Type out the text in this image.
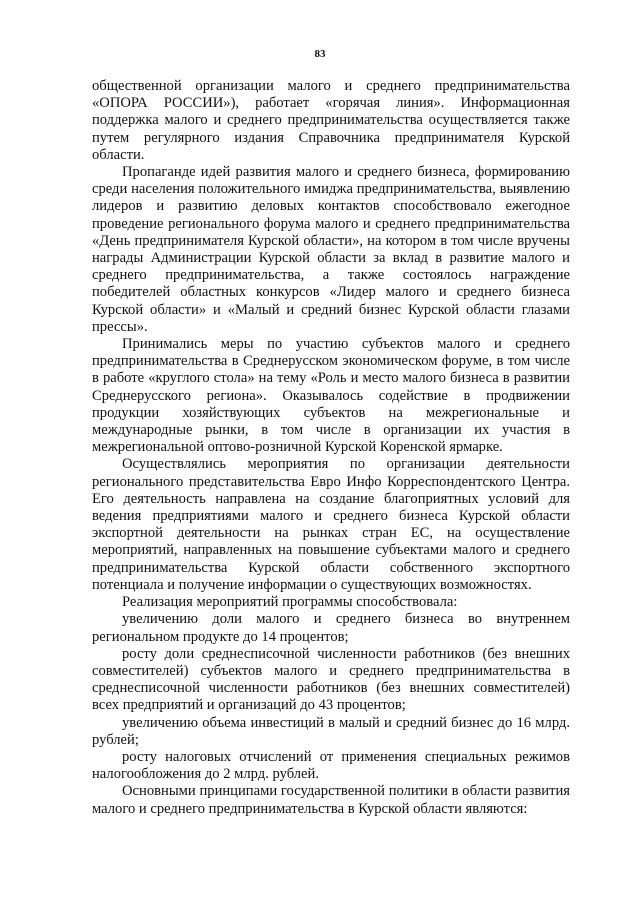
83

общественной организации малого и среднего предпринимательства «ОПОРА РОССИИ»), работает «горячая линия». Информационная поддержка малого и среднего предпринимательства осуществляется также путем регулярного издания Справочника предпринимателя Курской области.

Пропаганде идей развития малого и среднего бизнеса, формированию среди населения положительного имиджа предпринимательства, выявлению лидеров и развитию деловых контактов способствовало ежегодное проведение регионального форума малого и среднего предпринимательства «День предпринимателя Курской области», на котором в том числе вручены награды Администрации Курской области за вклад в развитие малого и среднего предпринимательства, а также состоялось награждение победителей областных конкурсов «Лидер малого и среднего бизнеса Курской области» и «Малый и средний бизнес Курской области глазами прессы».

Принимались меры по участию субъектов малого и среднего предпринимательства в Среднерусском экономическом форуме, в том числе в работе «круглого стола» на тему «Роль и место малого бизнеса в развитии Среднерусского региона». Оказывалось содействие в продвижении продукции хозяйствующих субъектов на межрегиональные и международные рынки, в том числе в организации их участия в межрегиональной оптово-розничной Курской Коренской ярмарке.

Осуществлялись мероприятия по организации деятельности регионального представительства Евро Инфо Корреспондентского Центра. Его деятельность направлена на создание благоприятных условий для ведения предприятиями малого и среднего бизнеса Курской области экспортной деятельности на рынках стран ЕС, на осуществление мероприятий, направленных на повышение субъектами малого и среднего предпринимательства Курской области собственного экспортного потенциала и получение информации о существующих возможностях.

Реализация мероприятий программы способствовала:

увеличению доли малого и среднего бизнеса во внутреннем региональном продукте до 14 процентов;

росту доли среднесписочной численности работников (без внешних совместителей) субъектов малого и среднего предпринимательства в среднесписочной численности работников (без внешних совместителей) всех предприятий и организаций до 43 процентов;

увеличению объема инвестиций в малый и средний бизнес до 16 млрд. рублей;

росту налоговых отчислений от применения специальных режимов налогообложения до 2 млрд. рублей.

Основными принципами государственной политики в области развития малого и среднего предпринимательства в Курской области являются:
